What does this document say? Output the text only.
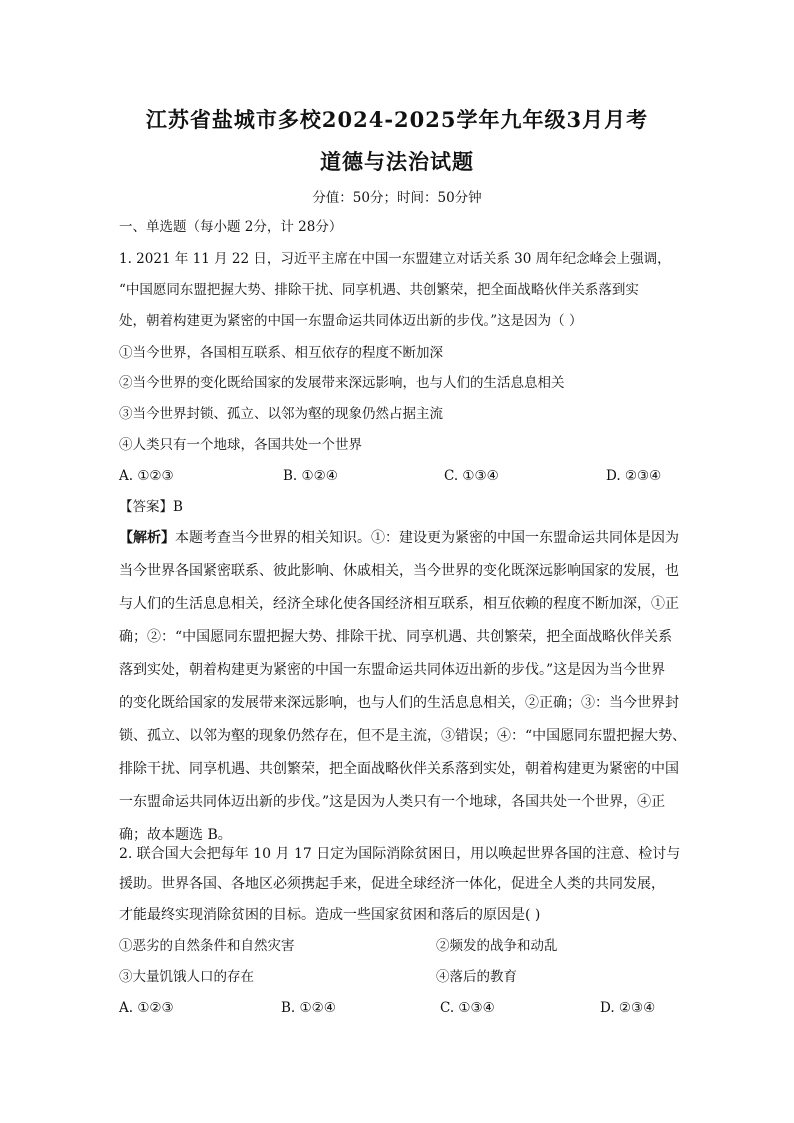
江苏省盐城市多校2024-2025学年九年级3月月考
道德与法治试题
分值：50分；时间：50分钟
一、单选题（每小题 2分，计 28分）
1. 2021 年 11 月 22 日，习近平主席在中国一东盟建立对话关系 30 周年纪念峰会上强调，
“中国愿同东盟把握大势、排除干扰、同享机遇、共创繁荣，把全面战略伙伴关系落到实
处，朝着构建更为紧密的中国一东盟命运共同体迈出新的步伐。”这是因为（ ）
①当今世界，各国相互联系、相互依存的程度不断加深
②当今世界的变化既给国家的发展带来深远影响，也与人们的生活息息相关
③当今世界封锁、孤立、以邻为壑的现象仍然占据主流
④人类只有一个地球，各国共处一个世界
A. ①②③	B. ①②④	C. ①③④	D. ②③④
【答案】B
【解析】本题考查当今世界的相关知识。①：建设更为紧密的中国一东盟命运共同体是因为
当今世界各国紧密联系、彼此影响、休戚相关，当今世界的变化既深远影响国家的发展，也
与人们的生活息息相关，经济全球化使各国经济相互联系，相互依赖的程度不断加深，①正
确；②：“中国愿同东盟把握大势、排除干扰、同享机遇、共创繁荣，把全面战略伙伴关系
落到实处，朝着构建更为紧密的中国一东盟命运共同体迈出新的步伐。”这是因为当今世界
的变化既给国家的发展带来深远影响，也与人们的生活息息相关，②正确；③：当今世界封
锁、孤立、以邻为壑的现象仍然存在，但不是主流，③错误；④：“中国愿同东盟把握大势、
排除干扰、同享机遇、共创繁荣，把全面战略伙伴关系落到实处，朝着构建更为紧密的中国
一东盟命运共同体迈出新的步伐。”这是因为人类只有一个地球，各国共处一个世界，④正
确；故本题选 B。
2. 联合国大会把每年 10 月 17 日定为国际消除贫困日，用以唤起世界各国的注意、检讨与
援助。世界各国、各地区必须携起手来，促进全球经济一体化，促进全人类的共同发展，
才能最终实现消除贫困的目标。造成一些国家贫困和落后的原因是( )
①恶劣的自然条件和自然灾害	②频发的战争和动乱
③大量饥饿人口的存在	④落后的教育
A. ①②③	B. ①②④	C. ①③④	D. ②③④
